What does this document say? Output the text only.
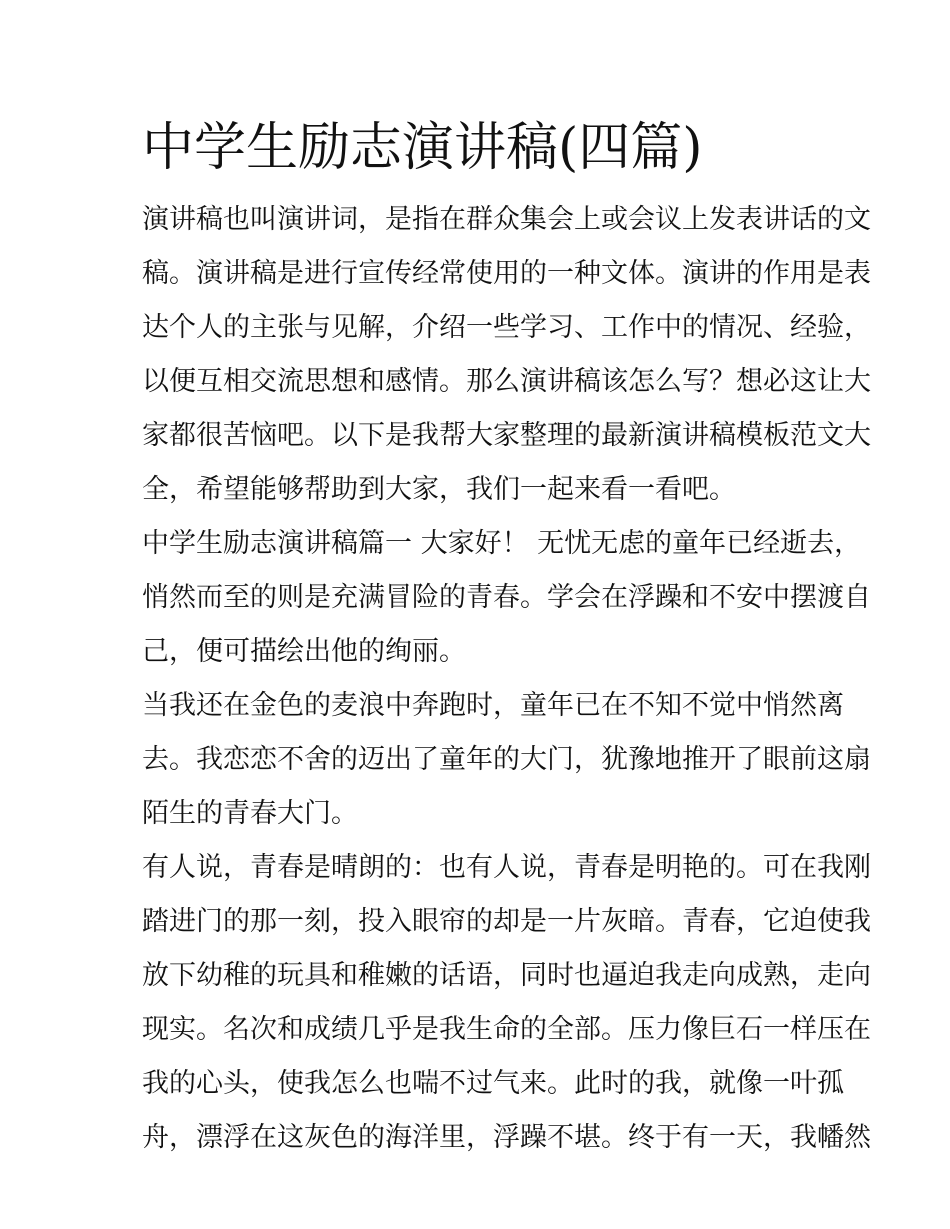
中学生励志演讲稿(四篇)

演讲稿也叫演讲词，是指在群众集会上或会议上发表讲话的文

稿。演讲稿是进行宣传经常使用的一种文体。演讲的作用是表

达个人的主张与见解，介绍一些学习、工作中的情况、经验，

以便互相交流思想和感情。那么演讲稿该怎么写？想必这让大

家都很苦恼吧。以下是我帮大家整理的最新演讲稿模板范文大

全，希望能够帮助到大家，我们一起来看一看吧。

中学生励志演讲稿篇一 大家好！ 无忧无虑的童年已经逝去，

悄然而至的则是充满冒险的青春。学会在浮躁和不安中摆渡自

己，便可描绘出他的绚丽。

当我还在金色的麦浪中奔跑时，童年已在不知不觉中悄然离

去。我恋恋不舍的迈出了童年的大门，犹豫地推开了眼前这扇

陌生的青春大门。

有人说，青春是晴朗的：也有人说，青春是明艳的。可在我刚

踏进门的那一刻，投入眼帘的却是一片灰暗。青春，它迫使我

放下幼稚的玩具和稚嫩的话语，同时也逼迫我走向成熟，走向

现实。名次和成绩几乎是我生命的全部。压力像巨石一样压在

我的心头，使我怎么也喘不过气来。此时的我，就像一叶孤

舟，漂浮在这灰色的海洋里，浮躁不堪。终于有一天，我幡然
